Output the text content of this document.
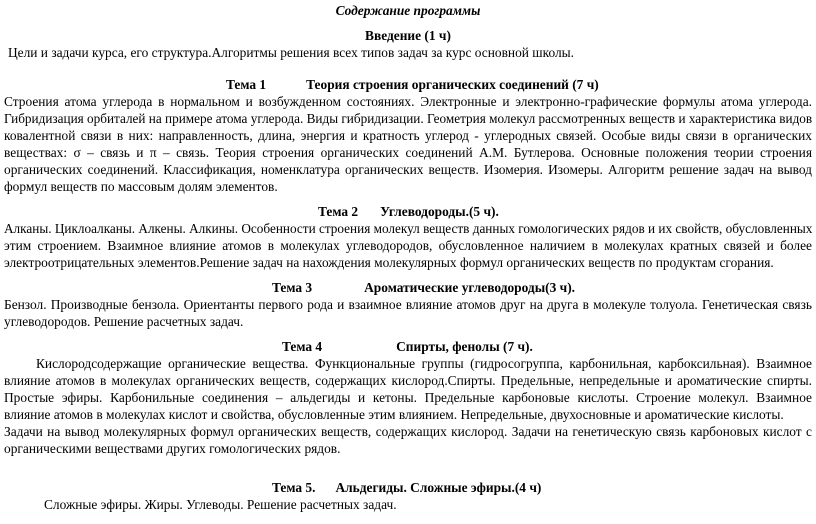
Содержание программы
Введение (1 ч)
Цели и задачи курса, его структура.Алгоритмы решения всех типов задач за курс основной школы.
Тема 1	Теория строения органических соединений (7 ч)
Строения атома углерода в нормальном и возбужденном состояниях. Электронные и электронно-графические формулы атома углерода.
Гибридизация орбиталей на примере атома углерода. Виды гибридизации. Геометрия молекул рассмотренных веществ и характеристика видов
ковалентной связи в них: направленность, длина, энергия и кратность углерод - углеродных связей. Особые виды связи в органических
веществах: σ – связь и π – связь. Теория строения органических соединений А.М. Бутлерова. Основные положения теории строения
органических соединений. Классификация, номенклатура органических веществ. Изомерия. Изомеры. Алгоритм решение задач на вывод
формул веществ по массовым долям элементов.
Тема 2 Углеводороды.(5 ч).
Алканы. Циклоалканы. Алкены. Алкины. Особенности строения молекул веществ данных гомологических рядов и их свойств, обусловленных
этим строением. Взаимное влияние атомов в молекулах углеводородов, обусловленное наличием в молекулах кратных связей и более
электроотрицательных элементов.Решение задач на нахождения молекулярных формул органических веществ по продуктам сгорания.
Тема 3	Ароматические углеводороды(3 ч).
Бензол. Производные бензола. Ориентанты первого рода и взаимное влияние атомов друг на друга в молекуле толуола. Генетическая связь
углеводородов. Решение расчетных задач.
Тема 4	Спирты, фенолы (7 ч).
Кислородсодержащие органические вещества. Функциональные группы (гидросогруппа, карбонильная, карбоксильная). Взаимное
влияние атомов в молекулах органических веществ, содержащих кислород.Спирты. Предельные, непредельные и ароматические спирты.
Простые эфиры. Карбонильные соединения – альдегиды и кетоны. Предельные карбоновые кислоты. Строение молекул. Взаимное
влияние атомов в молекулах кислот и свойства, обусловленные этим влиянием. Непредельные, двухосновные и ароматические кислоты.
Задачи на вывод молекулярных формул органических веществ, содержащих кислород. Задачи на генетическую связь карбоновых кислот с
органическими веществами других гомологических рядов.
Тема 5. Альдегиды. Сложные эфиры.(4 ч)
Сложные эфиры. Жиры. Углеводы. Решение расчетных задач.
